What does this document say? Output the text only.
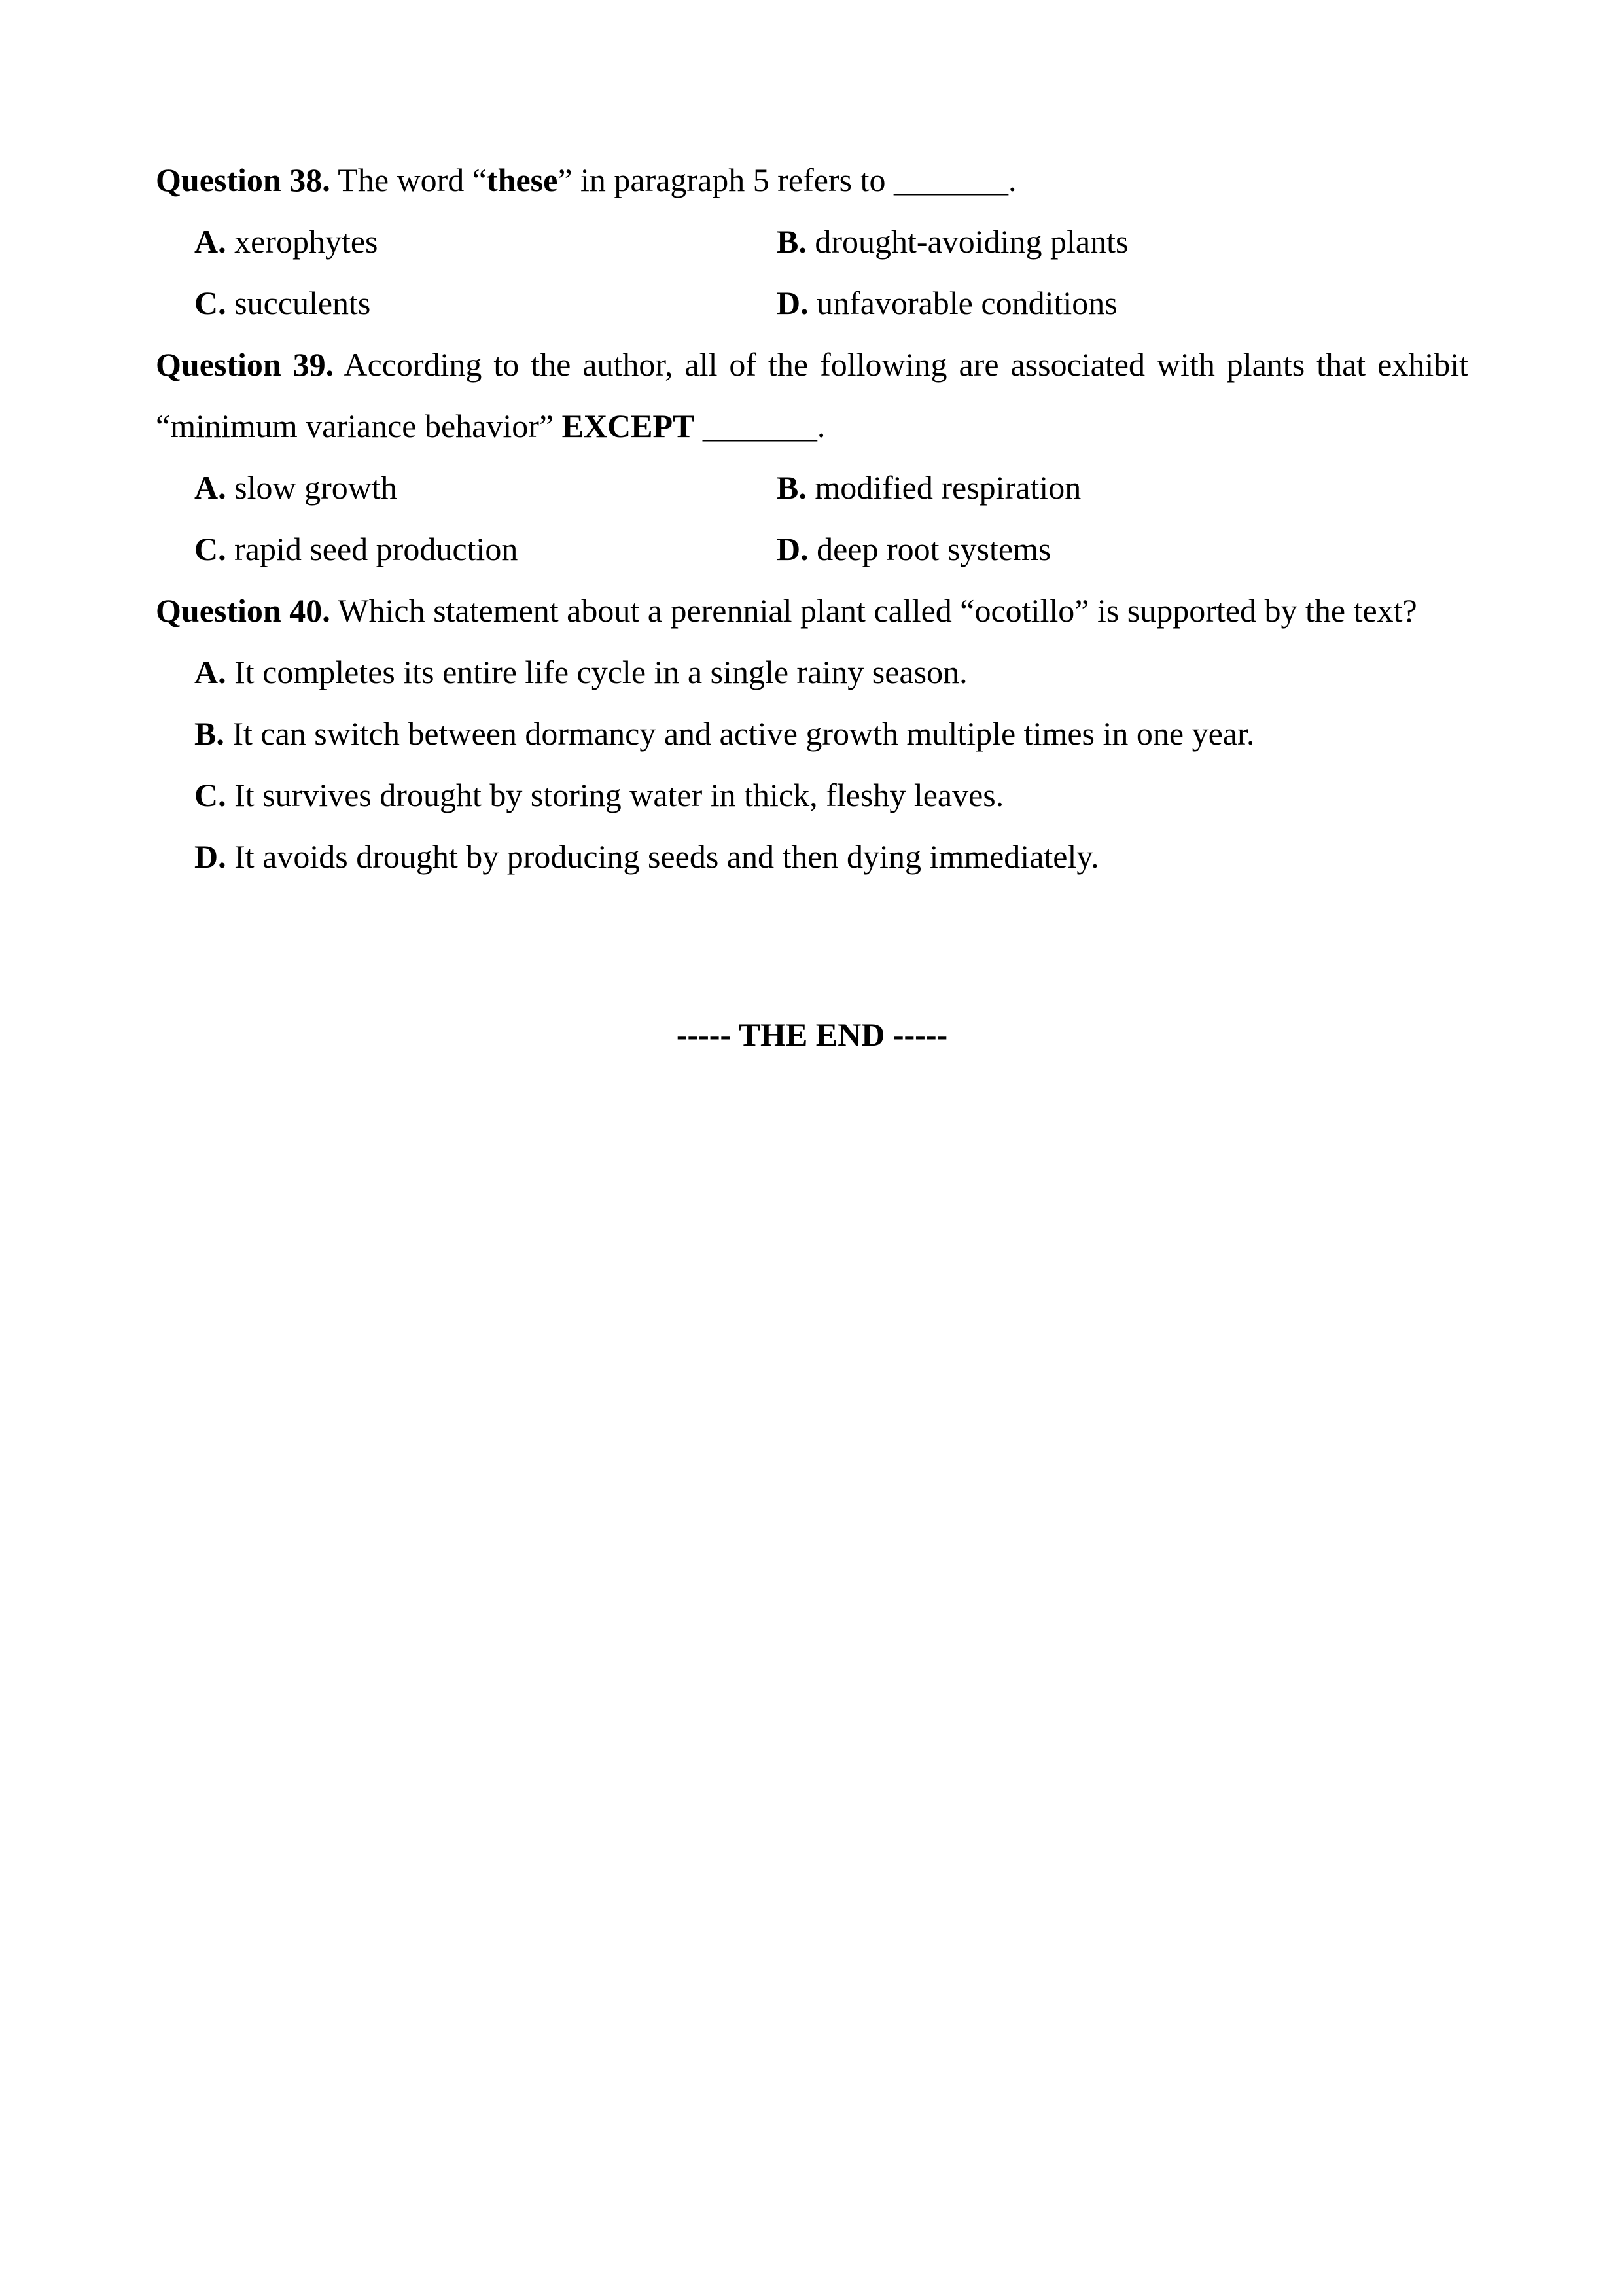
Question 38. The word “these” in paragraph 5 refers to _______.
A. xerophytes	B. drought-avoiding plants
C. succulents	D. unfavorable conditions
Question 39. According to the author, all of the following are associated with plants that exhibit “minimum variance behavior” EXCEPT _______.
A. slow growth	B. modified respiration
C. rapid seed production	D. deep root systems
Question 40. Which statement about a perennial plant called “ocotillo” is supported by the text?
A. It completes its entire life cycle in a single rainy season.
B. It can switch between dormancy and active growth multiple times in one year.
C. It survives drought by storing water in thick, fleshy leaves.
D. It avoids drought by producing seeds and then dying immediately.
----- THE END -----
